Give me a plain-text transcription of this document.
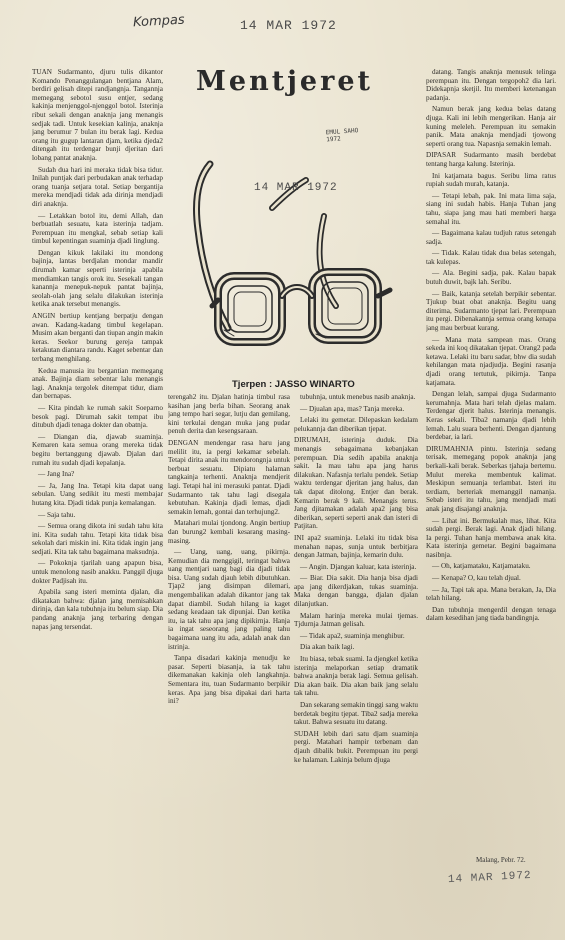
Kompas	14 MAR 1972
Mentjeret
EMUL SAHO 1972
14 MAR 1972
Tjerpen : JASSO WINARTO

TUAN Sudarmanto, djuru tulis dikantor Komando Penanggulangan bentjana Alam, berdiri gelisah ditepi randjangnja. Tangannja memegang sebotol susu entjer, sedang kakinja menjenggol-njenggol botol. Isterinja ribut sekali dengan anaknja jang menangis sedjak tadi. Untuk kesekian kalinja, anaknja jang berumur 7 bulan itu berak lagi. Kedua orang itu gugup lantaran djam, ketika djeda2 ditengah itu terdengar bunji djeritan dari lobang pantat anaknja.

Sudah dua hari ini meraka tidak bisa tidur. Inilah puntjak dari perbudakan anak terhadap orang tuanja setjara total. Setiap bergantija mereka mendjadi tidak ada dirinja mendjadi diri anaknja.

— Letakkan botol itu, demi Allah, dan berbuatlah sesuatu, kata isterinja tadjam. Perempuan itu mengkal, sebab setiap kali timbul kepentingan suaminja djadi linglung.

Dengan kikuk lakilaki itu mondong bajinja, lantas berdjalan mondar mandir dirumah kamar seperti isterinja apabila mendiamkan tangis orok itu. Sesekali tangan kanannja menepuk-nepuk pantat bajinja, seolah-olah jang selalu dilakukan isterinja ketika anak tersebut menangis.

ANGIN bertiup kentjang berpatju dengan awan. Kadang-kadang timbul kegelapan. Musim akan berganti dan tiupan angin makin keras. Seekor burung gereja tampak ketakutan diantara randu. Kaget sebentar dan terbang menghilang.

Kedua manusia itu bergantian memegang anak. Bajinja diam sebentar lalu menangis lagi. Anaknja tergolek ditempat tidur, diam dan bernapas.

— Kita pindah ke rumah sakit Soeparno besok pagi. Dirumah sakit tempat ibu ditubuh djadi tenaga dokter dan obatnja.

— Diangan dia, djawab suaminja. Kemaren kata semua orang mereka tidak begitu bertanggung djawab. Djalan dari rumah itu sudah djadi kepalanja.

— Jang Ina?

— Ja, Jang Ina. Tetapi kita dapat uang sebulan. Uang sedikit itu mesti membajar hutang kita. Djadi tidak punja kemalangan.

— Saja tahu.

— Semua orang dikota ini sudah tahu kita ini. Kita sudah tahu. Tetapi kita tidak bisa sekolah dari miskin ini. Kita tidak ingin jang sedjati. Kita tak tahu bagaimana maksudnja.

— Pokoknja tjarilah uang apapun bisa, untuk menolong nasib anakku. Panggil djuga dokter Padjisah itu.

Apabila sang isteri meminta djalan, dia dikatakan bahwa: djalan jang memisahkan dirinja, dan kala tubuhnja itu belum siap. Dia pandang anaknja jang terbaring dengan napas jang tersendat.

terengah2 itu. Djalan hatinja timbul rasa kasihan jang berla bihan. Seorang anak jang tempo hari segar, lutju dan gemilang, kini terkulai dengan muka jang pudar penuh derita dan kesengsaraan.

DENGAN mendengar rasa haru jang melilit itu, ia pergi kekamar sebelah. Tetapi dirita anak itu mendorongnja untuk berbuat sesuatu. Dipiatu halaman tangkainja terhenti. Anaknja mendjerit lagi. Tetapi hal ini merasuki pantat. Djadi Sudarmanto tak tahu lagi disegala kebutuhan. Kakinja djadi lemas, djadi semakin lemah, gontai dan terhujung2.

Matahari mulai tjondong. Angin bertiup dan burung2 kembali kesarang masing-masing.

— Uang, uang, uang, pikirnja. Kemudian dia menggigil, teringat bahwa uang mentjari uang bagi dia djadi tidak bisa. Uang sudah djauh lebih dibutuhkan. Tjap2 jang disimpan dilemari, mengembalikan adalah dikantor jang tak dapat diambil. Sudah hilang ia kaget sedang keadaan tak dipunjai. Dan ketika itu, ia tak tahu apa jang dipikirnja. Hanja ia ingat seseorang jang paling tahu bagaimana uang itu ada, adalah anak dan istrinja.

Tanpa disadari kakinja menudju ke pasar. Seperti biasanja, ia tak tahu dikemanakan kakinja oleh langkahnja. Sementara itu, tuan Sudarmanto berpikir keras. Apa jang bisa dipakai dari harta ini?

tubuhnja, untuk menebus nasib anaknja.

— Djualan apa, mas? Tanja mereka.

Lelaki itu gemetar. Dilepaskan kedalam pelukannja dan diberikan tjepat.

DIRUMAH, isterinja duduk. Dia menangis sebagaimana kebanjakan perempuan. Dia sedih apabila anaknja sakit. Ia mau tahu apa jang harus dilakukan. Nafasnja terlalu pendek. Setiap waktu terdengar djeritan jang halus, dan tak dapat ditolong. Entjer dan berak. Kemarin berak 9 kali. Menangis terus. Jang djitamakan adalah apa2 jang bisa diberikan, seperti seperti anak dan isteri di Patjitan.

INI apa2 suaminja. Lelaki itu tidak bisa menahan napas, sunja untuk berbitjara dengan Jatman, bajinja, kemarin dulu.

— Angin. Djangan kaluar, kata isterinja.

— Biar. Dia sakit. Dia hanja bisa djadi apa jang dikerdjakan, tukas suaminja. Maka dengan bangga, djalan djalan dilanjutkan.

Malam harinja mereka mulai tjemas. Tjdurnja Jatman gelisah.

— Tidak apa2, suaminja menghibur.

Dia akan baik lagi.

Itu biasa, tebak suami. Ia djengkel ketika isterinja melaporkan setiap dramatik bahwa anaknja berak lagi. Semua gelisah. Dia akan baik. Dia akan baik jang selalu tak tahu.

Dan sekarang semakin tinggi sang waktu berdetak begitu tjepat. Tiba2 sadja mereka takut. Bahwa sesuatu itu datang.

SUDAH lebih dari satu djam suaminja pergi. Matahari hampir terbenam dan djauh dibalik bukit. Perempuan itu pergi ke halaman. Lakinja belum djuga

datang. Tangis anaknja menusuk telinga perempuan itu. Dengan tergopoh2 dia lari. Didekapnja sketjil. Itu memberi ketenangan padanja.

Namun berak jang kedua belas datang djuga. Kali ini lebih mengerikan. Hanja air kuning meleleh. Perempuan itu semakin panik. Mata anaknja mendjadi tjowong seperti orang tua. Napasnja semakin lemah.

DIPASAR Sudarmanto masih berdebat tentang harga kalung. Isterinja.

Ini katjamata bagus. Seribu lima ratus rupiah sudah murah, katanja.

— Tetapi lebah, pak. Ini mata lima saja, siang ini sudah habis. Hanja Tuhan jang tahu, siapa jang mau hati memberi harga semahal itu.

— Bagaimana kalau tudjuh ratus setengah sadja.

— Tidak. Kalau tidak dua belas setengah, tak kulepas.

— Ala. Begini sadja, pak. Kalau bapak butuh duwit, bajk lah. Seribu.

— Baik, katanja setelah berpikir sebentar. Tjukup buat obat anaknja. Begitu uang diterima, Sudarmanto tjepat lari. Perempuan itu pergi. Dibenakannja semua orang kenapa jang mau berbuat kurang.

— Mana mata sampean mas. Orang sekeda ini koq dikatakan tjepat. Orang2 pada ketawa. Lelaki itu baru sadar, bhw dia sudah kehilangan mata njadjudja. Begini rasanja djadi orang tertutuk, pikirnja. Tanpa katjamata.

Dengan lelah, sampai djuga Sudarmanto kerumahnja. Mata hari telah djelas malam. Terdengar djerit halus. Isterinja menangis. Keras sekali. Tiba2 namanja djadi lebih lemah. Lalu suara berhenti. Dengan djantung berdebar, ia lari.

DIRUMAHNJA pintu. Isterinja sedang terisak, memegang popok anaknja jang berkali-kali berak. Seberkas tjahaja bertemu. Mulut mereka membentuk kalimat. Meskipun semuanja terlambat. Isteri itu terdiam, berteriak memanggil namanja. Sebab isteri itu tahu, jang mendjadi mati anak jang disajangi anaknja.

— Lihat ini. Bermukalah mas, lihat. Kita sudah pergi. Berak lagi. Anak djadi hilang. Ia pergi. Tuhan hanja membawa anak kita. Kata isterinja gemetar. Begini bagaimana nasibnja.

— Oh, katjamataku, Katjamataku.

— Kenapa? O, kau telah djual.

— Ja, Tapi tak apa. Mana berakan, Ja, Dia telah hilang.

Dan tubuhnja mengerdil dengan tenaga dalam kesedihan jang tiada bandingnja.

Malang, Pebr. 72.
14 MAR 1972
